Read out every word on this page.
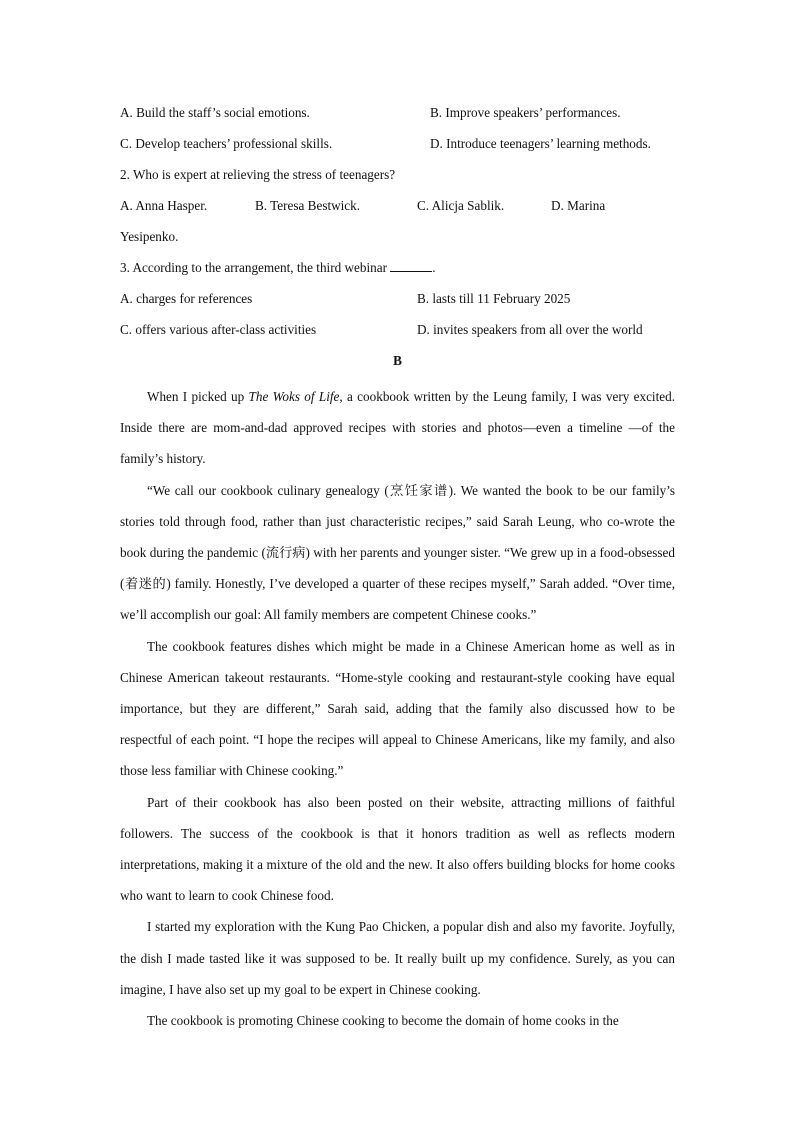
A. Build the staff’s social emotions.	B. Improve speakers’ performances.
C. Develop teachers’ professional skills.	D. Introduce teenagers’ learning methods.
2. Who is expert at relieving the stress of teenagers?
A. Anna Hasper.	B. Teresa Bestwick.	C. Alicja Sablik.	D. Marina
Yesipenko.
3. According to the arrangement, the third webinar	.
A. charges for references	B. lasts till 11 February 2025
C. offers various after-class activities	D. invites speakers from all over the world
B

When I picked up The Woks of Life, a cookbook written by the Leung family, I was very excited. Inside there are mom-and-dad approved recipes with stories and photos—even a timeline —of the family’s history.

“We call our cookbook culinary genealogy (烹饪家谱). We wanted the book to be our family’s stories told through food, rather than just characteristic recipes,” said Sarah Leung, who co-wrote the book during the pandemic (流行病) with her parents and younger sister. “We grew up in a food-obsessed (着迷的) family. Honestly, I’ve developed a quarter of these recipes myself,” Sarah added. “Over time, we’ll accomplish our goal: All family members are competent Chinese cooks.”

The cookbook features dishes which might be made in a Chinese American home as well as in Chinese American takeout restaurants. “Home-style cooking and restaurant-style cooking have equal importance, but they are different,” Sarah said, adding that the family also discussed how to be respectful of each point. “I hope the recipes will appeal to Chinese Americans, like my family, and also those less familiar with Chinese cooking.”

Part of their cookbook has also been posted on their website, attracting millions of faithful followers. The success of the cookbook is that it honors tradition as well as reflects modern interpretations, making it a mixture of the old and the new. It also offers building blocks for home cooks who want to learn to cook Chinese food.

I started my exploration with the Kung Pao Chicken, a popular dish and also my favorite. Joyfully, the dish I made tasted like it was supposed to be. It really built up my confidence. Surely, as you can imagine, I have also set up my goal to be expert in Chinese cooking.

The cookbook is promoting Chinese cooking to become the domain of home cooks in the
